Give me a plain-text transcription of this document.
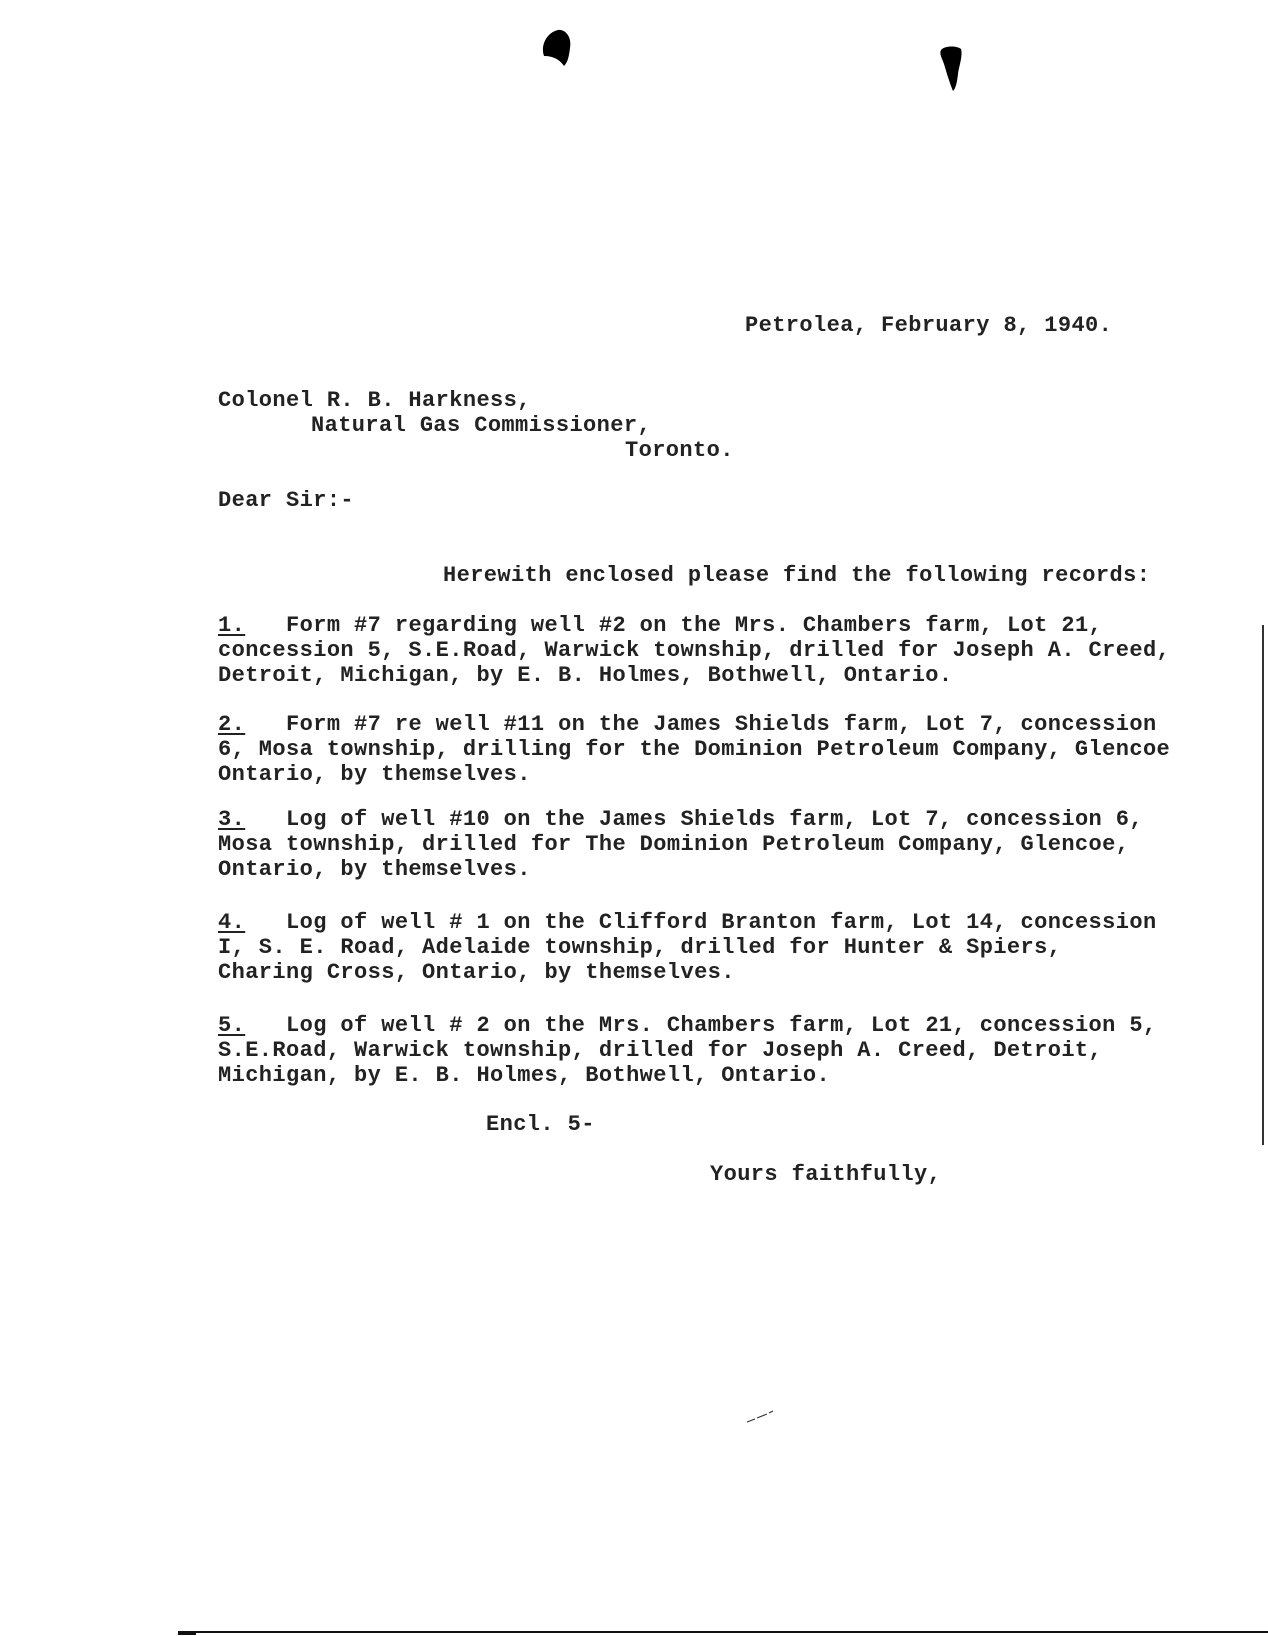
Petrolea, February 8, 1940.
Colonel R. B. Harkness,
Natural Gas Commissioner,
Toronto.
Dear Sir:-
Herewith enclosed please find the following records:
1.   Form #7 regarding well #2 on the Mrs. Chambers farm, Lot 21,
concession 5, S.E.Road, Warwick township, drilled for Joseph A. Creed,
Detroit, Michigan, by E. B. Holmes, Bothwell, Ontario.
2.   Form #7 re well #11 on the James Shields farm, Lot 7, concession
6, Mosa township, drilling for the Dominion Petroleum Company, Glencoe
Ontario, by themselves.
3.   Log of well #10 on the James Shields farm, Lot 7, concession 6,
Mosa township, drilled for The Dominion Petroleum Company, Glencoe,
Ontario, by themselves.
4.   Log of well # 1 on the Clifford Branton farm, Lot 14, concession
I, S. E. Road, Adelaide township, drilled for Hunter & Spiers,
Charing Cross, Ontario, by themselves.
5.   Log of well # 2 on the Mrs. Chambers farm, Lot 21, concession 5,
S.E.Road, Warwick township, drilled for Joseph A. Creed, Detroit,
Michigan, by E. B. Holmes, Bothwell, Ontario.
Encl. 5-
Yours faithfully,
